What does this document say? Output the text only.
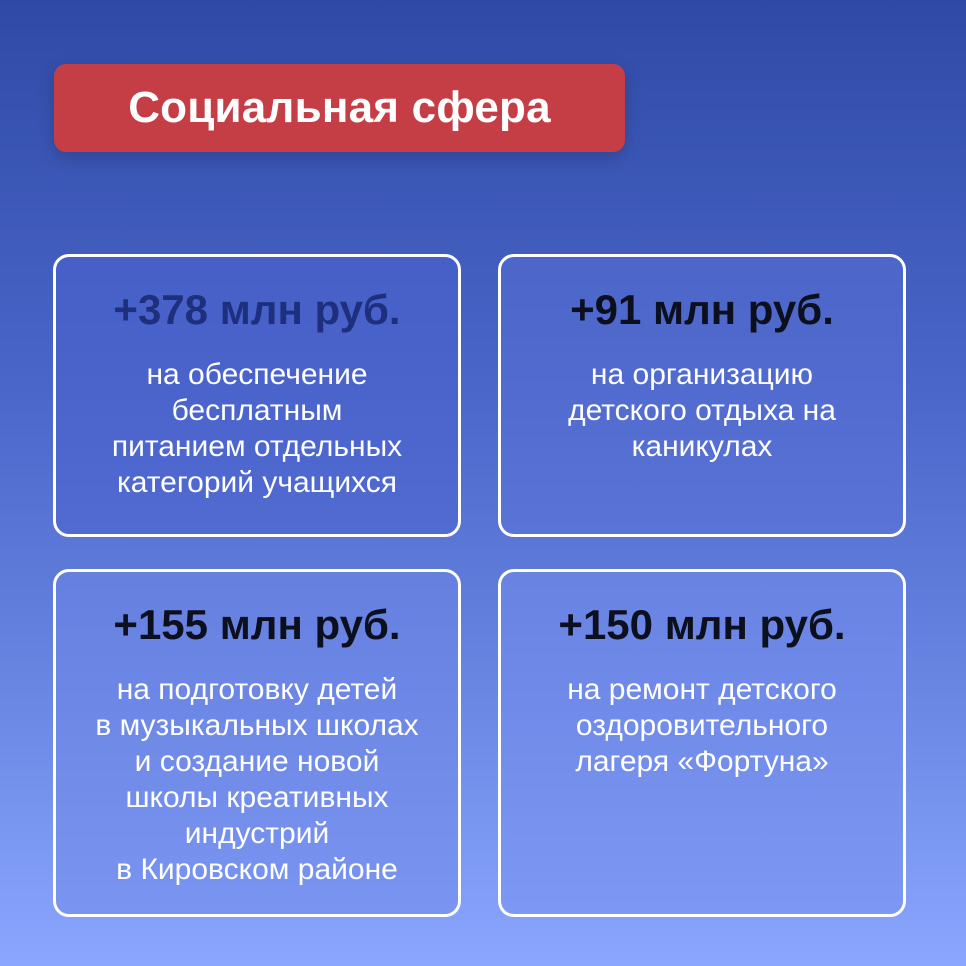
Социальная сфера
+378 млн руб.
на обеспечение
бесплатным
питанием отдельных
категорий учащихся
+91 млн руб.
на организацию
детского отдыха на
каникулах
+155 млн руб.
на подготовку детей
в музыкальных школах
и создание новой
школы креативных
индустрий
в Кировском районе
+150 млн руб.
на ремонт детского
оздоровительного
лагеря «Фортуна»
